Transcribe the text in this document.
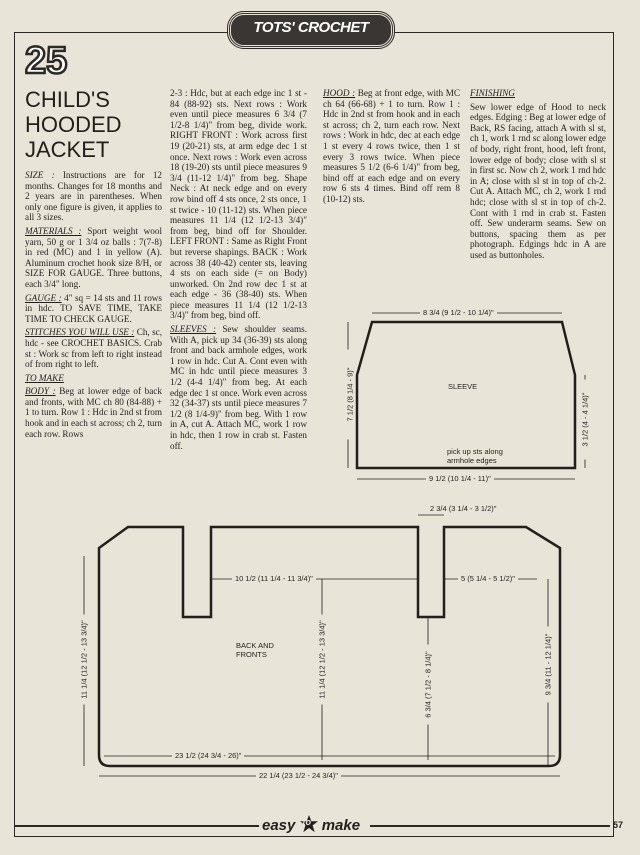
TOTS' CROCHET
25
CHILD'S HOODED JACKET

SIZE : Instructions are for 12 months. Changes for 18 months and 2 years are in parentheses. When only one figure is given, it applies to all 3 sizes.

MATERIALS : Sport weight wool yarn, 50 g or 1 3/4 oz balls : 7(7-8) in red (MC) and 1 in yellow (A). Aluminum crochet hook size 8/H, or SIZE FOR GAUGE. Three buttons, each 3/4" long.

GAUGE : 4" sq = 14 sts and 11 rows in hdc. TO SAVE TIME, TAKE TIME TO CHECK GAUGE.

STITCHES YOU WILL USE : Ch, sc, hdc - see CROCHET BASICS. Crab st : Work sc from left to right instead of from right to left.

TO MAKE

BODY : Beg at lower edge of back and fronts, with MC ch 80 (84-88) + 1 to turn. Row 1 : Hdc in 2nd st from hook and in each st across; ch 2, turn each row. Rows

2-3 : Hdc, but at each edge inc 1 st - 84 (88-92) sts. Next rows : Work even until piece measures 6 3/4 (7 1/2-8 1/4)" from beg, divide work. RIGHT FRONT : Work across first 19 (20-21) sts, at arm edge dec 1 st once. Next rows : Work even across 18 (19-20) sts until piece measures 9 3/4 (11-12 1/4)" from beg. Shape Neck : At neck edge and on every row bind off 4 sts once, 2 sts once, 1 st twice - 10 (11-12) sts. When piece measures 11 1/4 (12 1/2-13 3/4)" from beg, bind off for Shoulder. LEFT FRONT : Same as Right Front but reverse shapings. BACK : Work across 38 (40-42) center sts, leaving 4 sts on each side (= on Body) unworked. On 2nd row dec 1 st at each edge - 36 (38-40) sts. When piece measures 11 1/4 (12 1/2-13 3/4)" from beg, bind off.

SLEEVES : Sew shoulder seams. With A, pick up 34 (36-39) sts along front and back armhole edges, work 1 row in hdc. Cut A. Cont even with MC in hdc until piece measures 3 1/2 (4-4 1/4)" from beg. At each edge dec 1 st once. Work even across 32 (34-37) sts until piece measures 7 1/2 (8 1/4-9)" from beg. With 1 row in A, cut A. Attach MC, work 1 row in hdc, then 1 row in crab st. Fasten off.

HOOD : Beg at front edge, with MC ch 64 (66-68) + 1 to turn. Row 1 : Hdc in 2nd st from hook and in each st across; ch 2, turn each row. Next rows : Work in hdc, dec at each edge 1 st every 4 rows twice, then 1 st every 3 rows twice. When piece measures 5 1/2 (6-6 1/4)" from beg, bind off at each edge and on every row 6 sts 4 times. Bind off rem 8 (10-12) sts.

FINISHING

Sew lower edge of Hood to neck edges. Edging : Beg at lower edge of Back, RS facing, attach A with sl st, ch 1, work 1 rnd sc along lower edge of body, right front, hood, left front, lower edge of body; close with sl st in first sc. Now ch 2, work 1 rnd hdc in A; close with sl st in top of ch-2. Cut A. Attach MC, ch 2, work 1 rnd hdc; close with sl st in top of ch-2. Cont with 1 rnd in crab st. Fasten off. Sew underarm seams. Sew on buttons, spacing them as per photograph. Edgings hdc in A are used as buttonholes.

8 3/4 (9 1/2 - 10 1/4)"
SLEEVE
7 1/2 (8 1/4 - 9)"	3 1/2 (4 - 4 1/4)"
pick up sts along armhole edges
9 1/2 (10 1/4 - 11)"
2 3/4 (3 1/4 - 3 1/2)"
10 1/2 (11 1/4 - 11 3/4)"	5 (5 1/4 - 5 1/2)"
BACK AND FRONTS
11 1/4 (12 1/2 - 13 3/4)"	11 1/4 (12 1/2 - 13 3/4)"	6 3/4 (7 1/2 - 8 1/4)"	9 3/4 (11 - 12 1/4)"
23 1/2 (24 3/4 - 26)"
22 1/4 (23 1/2 - 24 3/4)"
easy to make	57
